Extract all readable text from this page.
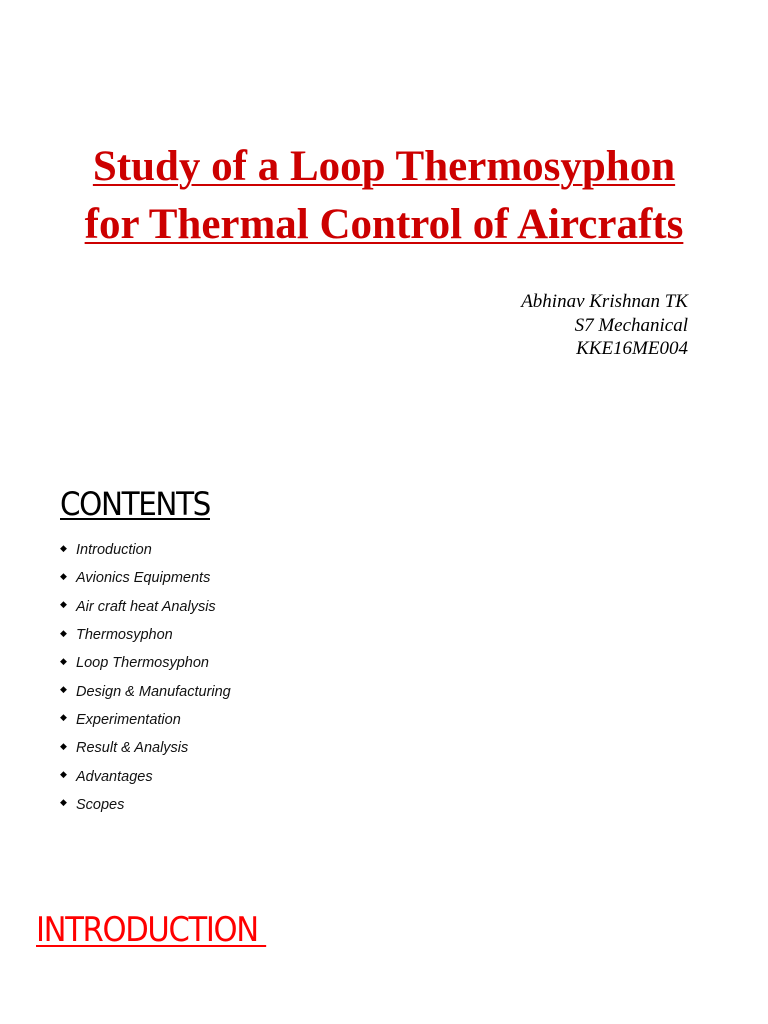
Study of a Loop Thermosyphon
for Thermal Control of Aircrafts
Abhinav Krishnan TK
S7 Mechanical
KKE16ME004
CONTENTS
◆ Introduction
◆ Avionics Equipments
◆ Air craft heat Analysis
◆ Thermosyphon
◆ Loop Thermosyphon
◆ Design & Manufacturing
◆ Experimentation
◆ Result & Analysis
◆ Advantages
◆ Scopes
INTRODUCTION
